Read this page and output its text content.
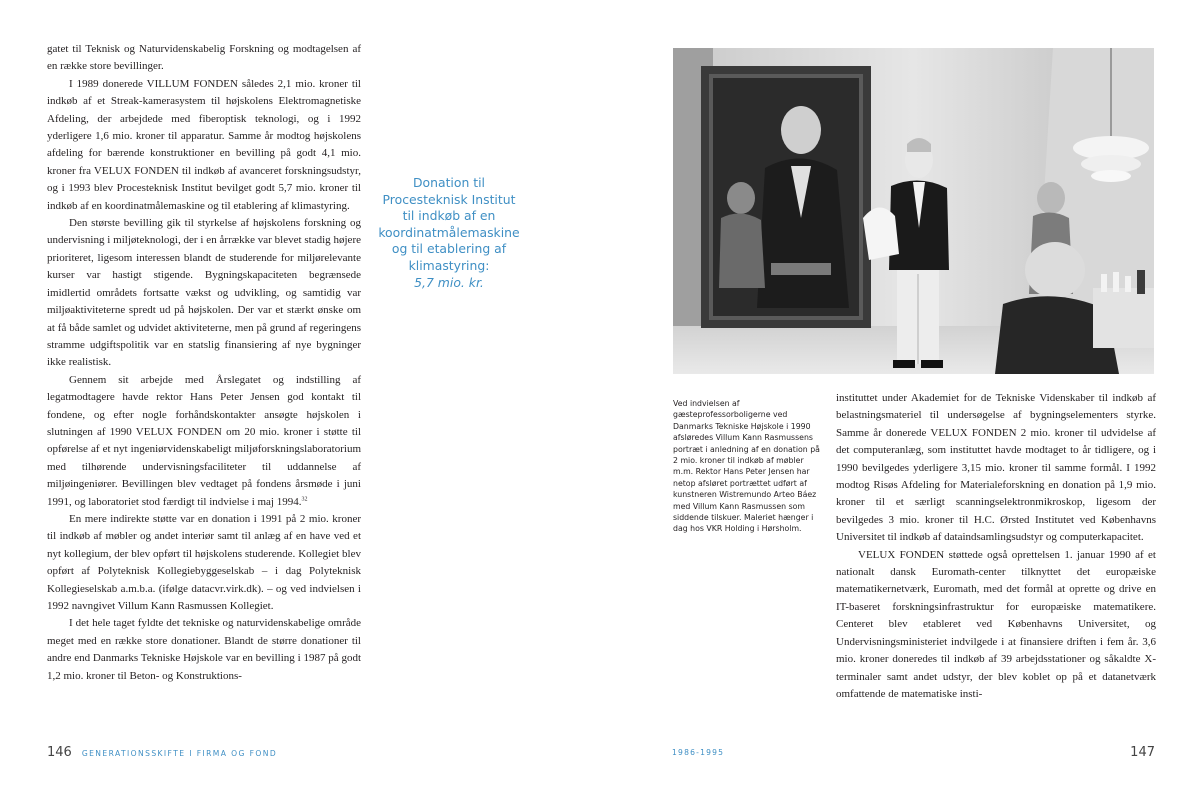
gatet til Teknisk og Naturvidenskabelig Forskning og modtagelsen af en række store bevillinger.

I 1989 donerede VILLUM FONDEN således 2,1 mio. kroner til indkøb af et Streak-kamerasystem til højskolens Elektromagnetiske Afdeling, der arbejdede med fiberoptisk teknologi, og i 1992 yderligere 1,6 mio. kroner til apparatur. Samme år modtog højskolens afdeling for bærende konstruktioner en bevilling på godt 4,1 mio. kroner fra VELUX FONDEN til indkøb af avanceret forskningsudstyr, og i 1993 blev Procesteknisk Institut bevilget godt 5,7 mio. kroner til indkøb af en koordinatmålemaskine og til etablering af klimastyring.

Den største bevilling gik til styrkelse af højskolens forskning og undervisning i miljøteknologi, der i en årrække var blevet stadig højere prioriteret, ligesom interessen blandt de studerende for miljørelevante kurser var hastigt stigende. Bygningskapaciteten begrænsede imidlertid områdets fortsatte vækst og udvikling, og samtidig var miljøaktiviteterne spredt ud på højskolen. Der var et stærkt ønske om at få både samlet og udvidet aktiviteterne, men på grund af regeringens stramme udgiftspolitik var en statslig finansiering af nye bygninger ikke realistisk.

Gennem sit arbejde med Årslegatet og indstilling af legatmodtagere havde rektor Hans Peter Jensen god kontakt til fondene, og efter nogle forhåndskontakter ansøgte højskolen i slutningen af 1990 VELUX FONDEN om 20 mio. kroner i støtte til opførelse af et nyt ingeniørvidenskabeligt miljøforskningslaboratorium med tilhørende undervisningsfaciliteter til uddannelse af miljøingeniører. Bevillingen blev vedtaget på fondens årsmøde i juni 1991, og laboratoriet stod færdigt til indvielse i maj 1994.32

En mere indirekte støtte var en donation i 1991 på 2 mio. kroner til indkøb af møbler og andet interiør samt til anlæg af en have ved et nyt kollegium, der blev opført til højskolens studerende. Kollegiet blev opført af Polyteknisk Kollegiebyggeselskab – i dag Polyteknisk Kollegieselskab a.m.b.a. (ifølge datacvr.virk.dk). – og ved indvielsen i 1992 navngivet Villum Kann Rasmussen Kollegiet.

I det hele taget fyldte det tekniske og naturvidenskabelige område meget med en række store donationer. Blandt de større donationer til andre end Danmarks Tekniske Højskole var en bevilling i 1987 på godt 1,2 mio. kroner til Beton- og Konstruktions-

Donation til Procesteknisk Institut til indkøb af en koordinatmålemaskine og til etablering af klimastyring:
5,7 mio. kr.
Ved indvielsen af gæsteprofessorboligerne ved Danmarks Tekniske Højskole i 1990 afsløredes Villum Kann Rasmussens portræt i anledning af en donation på 2 mio. kroner til indkøb af møbler m.m. Rektor Hans Peter Jensen har netop afsløret portrættet udført af kunstneren Wistremundo Arteo Báez med Villum Kann Rasmussen som siddende tilskuer. Maleriet hænger i dag hos VKR Holding i Hørsholm.

instituttet under Akademiet for de Tekniske Videnskaber til indkøb af belastningsmateriel til undersøgelse af bygningselementers styrke. Samme år donerede VELUX FONDEN 2 mio. kroner til udvidelse af det computeranlæg, som instituttet havde modtaget to år tidligere, og i 1990 bevilgedes yderligere 3,15 mio. kroner til samme formål. I 1992 modtog Risøs Afdeling for Materialeforskning en donation på 1,9 mio. kroner til et særligt scanningselektronmikroskop, ligesom der bevilgedes 3 mio. kroner til H.C. Ørsted Institutet ved Københavns Universitet til indkøb af dataindsamlingsudstyr og computerkapacitet.

VELUX FONDEN støttede også oprettelsen 1. januar 1990 af et nationalt dansk Euromath-center tilknyttet det europæiske matematikernetværk, Euromath, med det formål at oprette og drive en IT-baseret forskningsinfrastruktur for europæiske matematikere. Centeret blev etableret ved Københavns Universitet, og Undervisningsministeriet indvilgede i at finansiere driften i fem år. 3,6 mio. kroner doneredes til indkøb af 39 arbejdsstationer og såkaldte X-terminaler samt andet udstyr, der blev koblet op på et datanetværk omfattende de matematiske insti-

146 GENERATIONSSKIFTE I FIRMA OG FOND	1986-1995	147
